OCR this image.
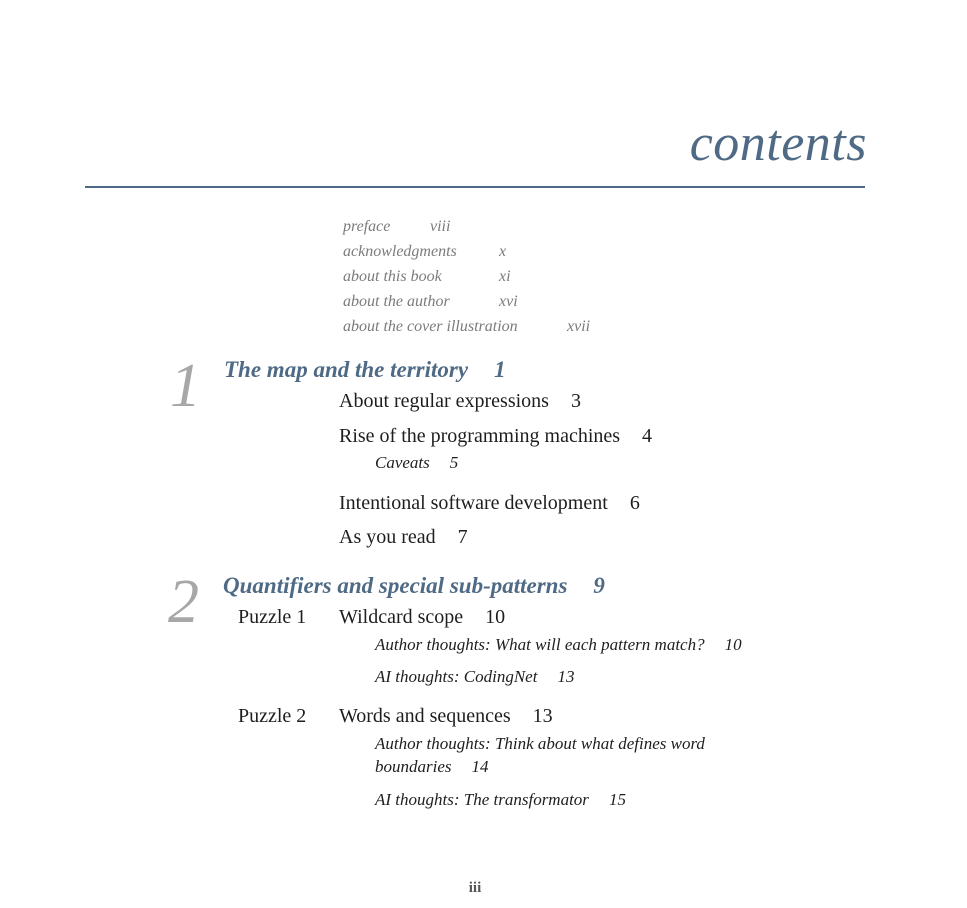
contents
preface viii
acknowledgments	x
about this book	xi
about the author	xvi
about the cover illustration	xvii
1 The map and the territory 1
About regular expressions 3
Rise of the programming machines 4
Caveats 5
Intentional software development 6
As you read 7
2 Quantifiers and special sub-patterns 9
Puzzle 1 Wildcard scope 10
Author thoughts: What will each pattern match? 10
AI thoughts: CodingNet 13
Puzzle 2 Words and sequences 13
Author thoughts: Think about what defines word
boundaries 14
AI thoughts: The transformator 15
iii
